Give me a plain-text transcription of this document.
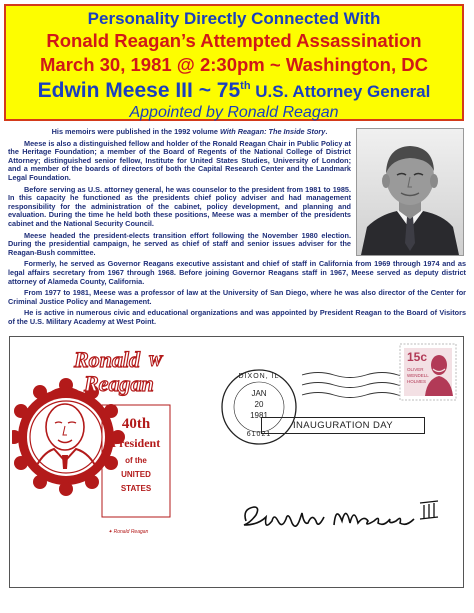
Personality Directly Connected With
Ronald Reagan’s Attempted Assassination
March 30, 1981 @ 2:30pm ~ Washington, DC
Edwin Meese III ~ 75th U.S. Attorney General
Appointed by Ronald Reagan

His memoirs were published in the 1992 volume With Reagan: The Inside Story.

Meese is also a distinguished fellow and holder of the Ronald Reagan Chair in Public Policy at the Heritage Foundation; a member of the Board of Regents of the National College of District Attorney; distinguished senior fellow, Institute for United States Studies, University of London; and a member of the boards of directors of both the Capital Research Center and the Landmark Legal Foundation.

Before serving as U.S. attorney general, he was counselor to the president from 1981 to 1985. In this capacity he functioned as the presidents chief policy adviser and had management responsibility for the administration of the cabinet, policy development, and planning and evaluation. During the time he held both these positions, Meese was a member of the presidents cabinet and the National Security Council.

Meese headed the president-elects transition effort following the November 1980 election. During the presidential campaign, he served as chief of staff and senior issues adviser for the Reagan-Bush committee.

Formerly, he served as Governor Reagans executive assistant and chief of staff in California from 1969 through 1974 and as legal affairs secretary from 1967 through 1968. Before joining Governor Reagans staff in 1967, Meese served as deputy district attorney of Alameda County, California.

From 1977 to 1981, Meese was a professor of law at the University of San Diego, where he was also director of the Center for Criminal Justice Policy and Management.

He is active in numerous civic and educational organizations and was appointed by President Reagan to the Board of Visitors of the U.S. Military Academy at West Point.

Ronald W
Reagan
40th
President
of the
UNITED
STATES
✦ Ronald Reagan
DIXON, IL
JAN
20
1981
61021
15c
OLIVER
WENDELL
HOLMES
INAUGURATION DAY
